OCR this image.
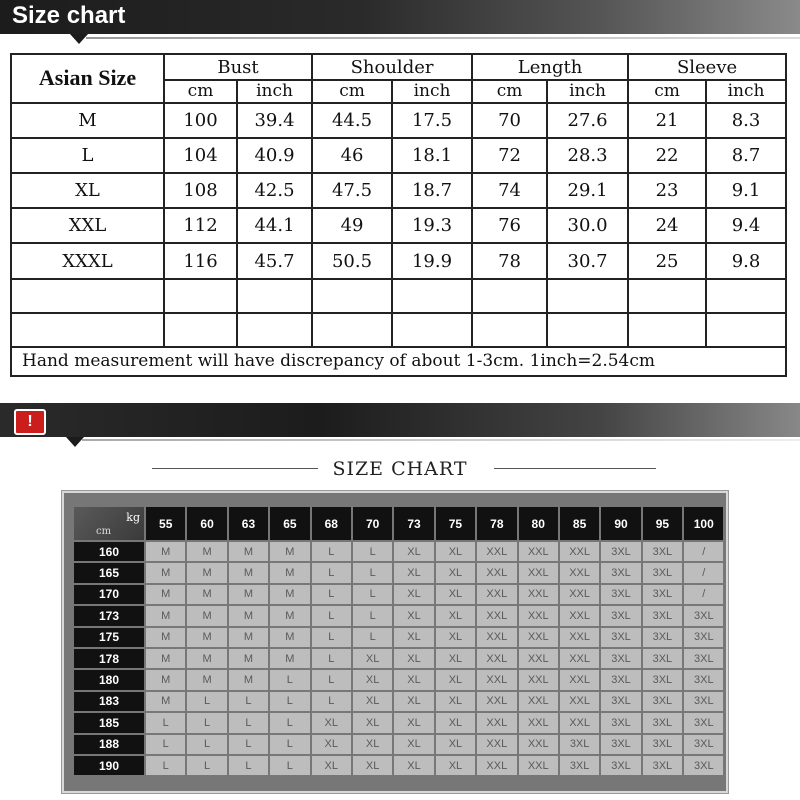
Size chart
Asian Size	Bust		Shoulder		Length		Sleeve	
	cm	inch	cm	inch	cm	inch	cm	inch
M	100	39.4	44.5	17.5	70	27.6	21	8.3
L	104	40.9	46	18.1	72	28.3	22	8.7
XL	108	42.5	47.5	18.7	74	29.1	23	9.1
XXL	112	44.1	49	19.3	76	30.0	24	9.4
XXXL	116	45.7	50.5	19.9	78	30.7	25	9.8

Hand measurement will have discrepancy of about 1-3cm. 1inch=2.54cm								
!
SIZE CHART
kg
cm	55	60	63	65	68	70	73	75	78	80	85	90	95	100
160	M	M	M	M	L	L	XL	XL	XXL	XXL	XXL	3XL	3XL	/
165	M	M	M	M	L	L	XL	XL	XXL	XXL	XXL	3XL	3XL	/
170	M	M	M	M	L	L	XL	XL	XXL	XXL	XXL	3XL	3XL	/
173	M	M	M	M	L	L	XL	XL	XXL	XXL	XXL	3XL	3XL	3XL
175	M	M	M	M	L	L	XL	XL	XXL	XXL	XXL	3XL	3XL	3XL
178	M	M	M	M	L	XL	XL	XL	XXL	XXL	XXL	3XL	3XL	3XL
180	M	M	M	L	L	XL	XL	XL	XXL	XXL	XXL	3XL	3XL	3XL
183	M	L	L	L	L	XL	XL	XL	XXL	XXL	XXL	3XL	3XL	3XL
185	L	L	L	L	XL	XL	XL	XL	XXL	XXL	XXL	3XL	3XL	3XL
188	L	L	L	L	XL	XL	XL	XL	XXL	XXL	3XL	3XL	3XL	3XL
190	L	L	L	L	XL	XL	XL	XL	XXL	XXL	3XL	3XL	3XL	3XL
